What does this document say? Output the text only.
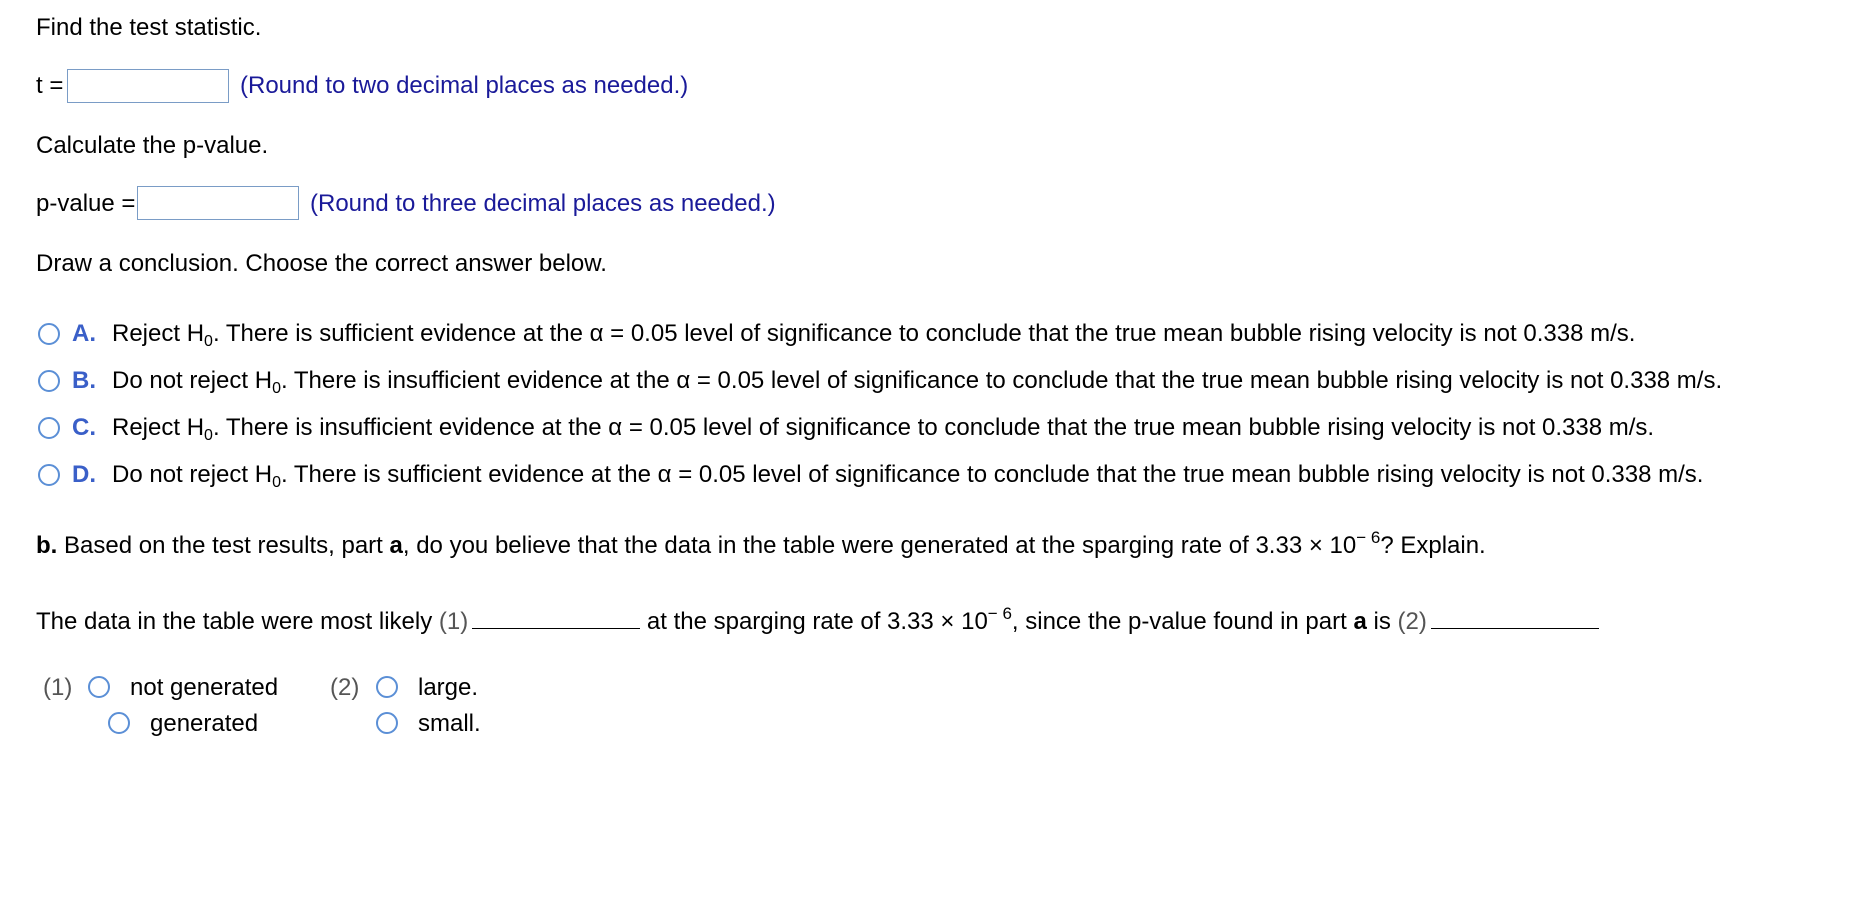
Find the test statistic.
t =	(Round to two decimal places as needed.)
Calculate the p-value.
p-value =	(Round to three decimal places as needed.)
Draw a conclusion. Choose the correct answer below.
A. Reject $H_0$. There is sufficient evidence at the α = 0.05 level of significance to conclude that the true mean bubble rising velocity is not 0.338 m/s.
B. Do not reject $H_0$. There is insufficient evidence at the α = 0.05 level of significance to conclude that the true mean bubble rising velocity is not 0.338 m/s.
C. Reject $H_0$. There is insufficient evidence at the α = 0.05 level of significance to conclude that the true mean bubble rising velocity is not 0.338 m/s.
D. Do not reject $H_0$. There is sufficient evidence at the α = 0.05 level of significance to conclude that the true mean bubble rising velocity is not 0.338 m/s.
b. Based on the test results, part a, do you believe that the data in the table were generated at the sparging rate of $3.33 \times 10^{- 6}$? Explain.
The data in the table were most likely (1)	at the sparging rate of $3.33 \times 10^{- 6}$, since the p-value found in part a is (2)
(1) not generated
generated
(2) large.
small.
